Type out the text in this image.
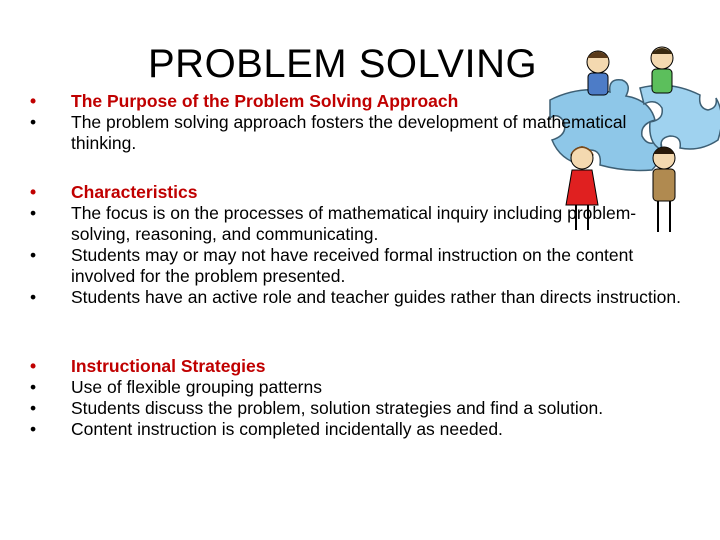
PROBLEM SOLVING
•	The Purpose of the Problem Solving Approach
•	The problem solving approach fosters the development of mathematical thinking.
•	Characteristics
•	The focus is on the processes of mathematical inquiry including problem-solving, reasoning, and communicating.
•	Students may or may not have received formal instruction on the content involved for the problem presented.
•	Students have an active role and teacher guides rather than directs instruction.
•	Instructional Strategies
•	Use of flexible grouping patterns
•	Students discuss the problem, solution strategies and find a solution.
•	Content instruction is completed incidentally as needed.
